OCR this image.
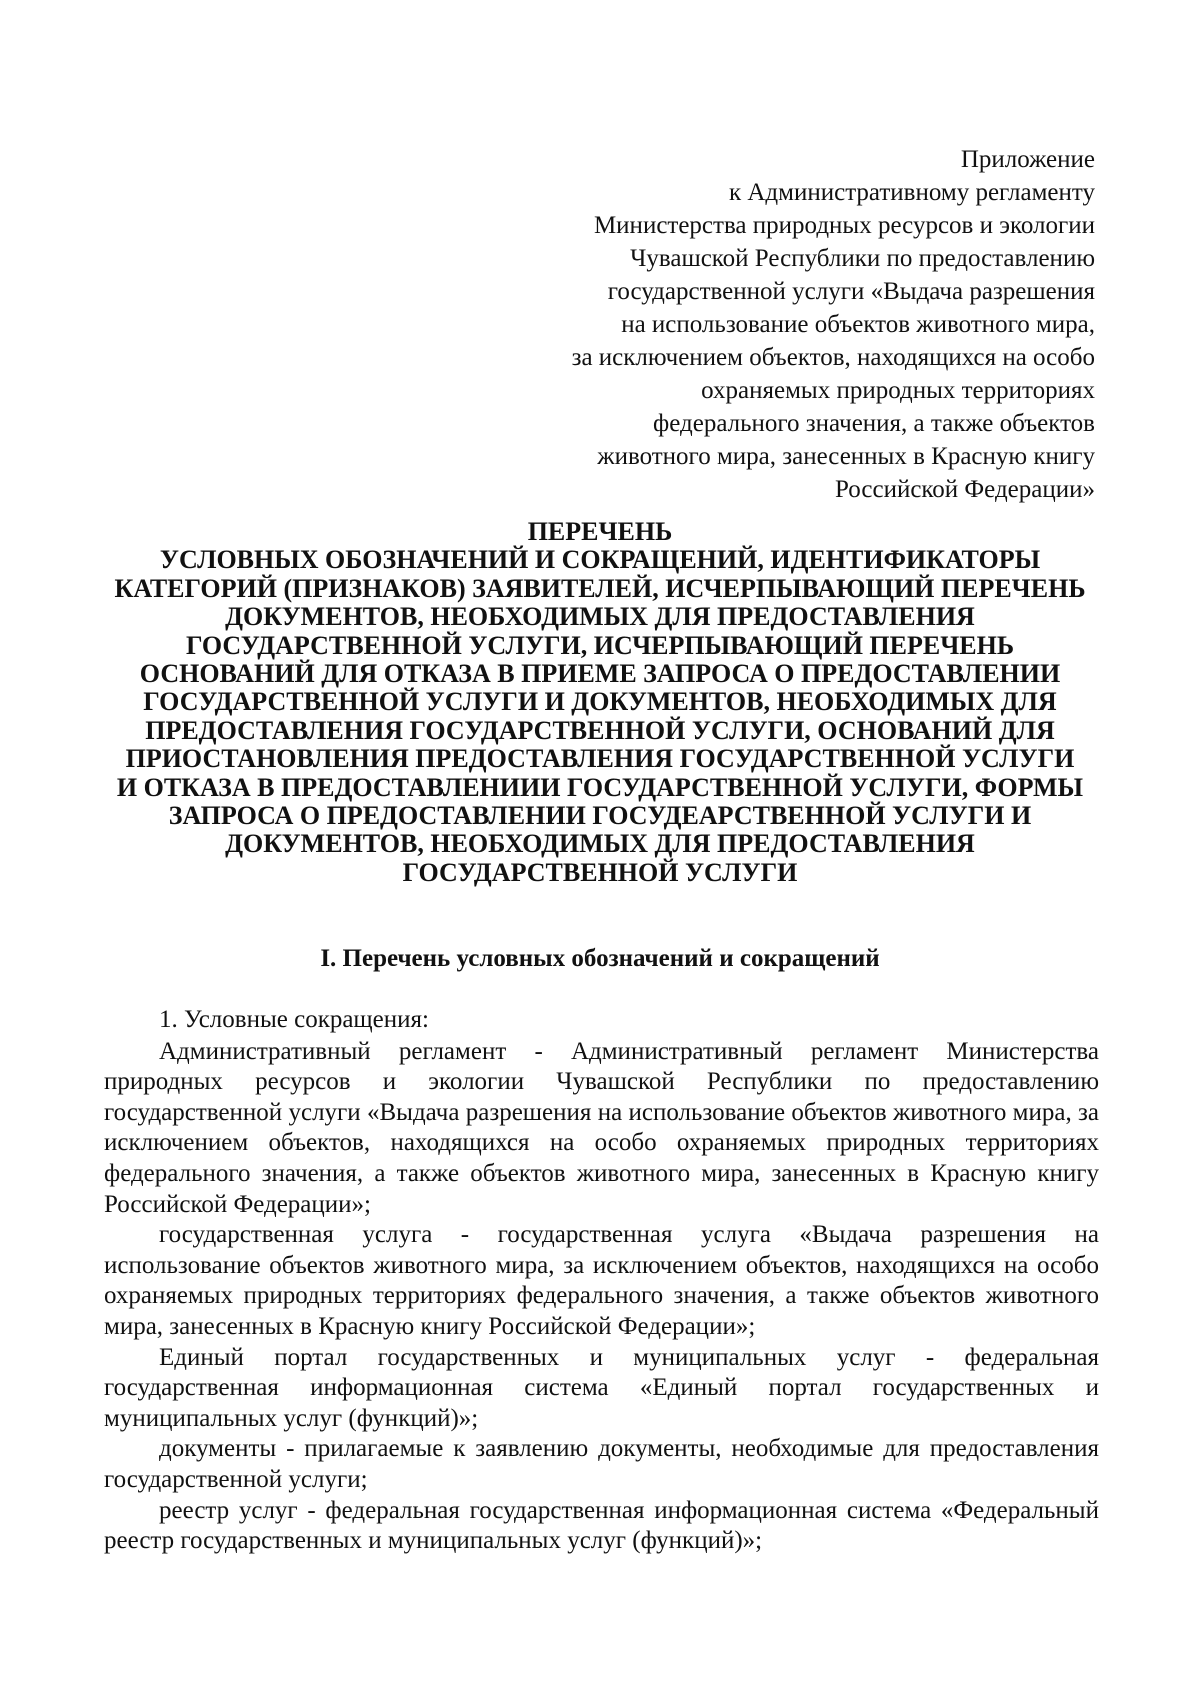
Приложение
к Административному регламенту
Министерства природных ресурсов и экологии
Чувашской Республики по предоставлению
государственной услуги «Выдача разрешения
на использование объектов животного мира,
за исключением объектов, находящихся на особо
охраняемых природных территориях
федерального значения, а также объектов
животного мира, занесенных в Красную книгу
Российской Федерации»
ПЕРЕЧЕНЬ
УСЛОВНЫХ ОБОЗНАЧЕНИЙ И СОКРАЩЕНИЙ, ИДЕНТИФИКАТОРЫ
КАТЕГОРИЙ (ПРИЗНАКОВ) ЗАЯВИТЕЛЕЙ, ИСЧЕРПЫВАЮЩИЙ ПЕРЕЧЕНЬ
ДОКУМЕНТОВ, НЕОБХОДИМЫХ ДЛЯ ПРЕДОСТАВЛЕНИЯ
ГОСУДАРСТВЕННОЙ УСЛУГИ, ИСЧЕРПЫВАЮЩИЙ ПЕРЕЧЕНЬ
ОСНОВАНИЙ ДЛЯ ОТКАЗА В ПРИЕМЕ ЗАПРОСА О ПРЕДОСТАВЛЕНИИ
ГОСУДАРСТВЕННОЙ УСЛУГИ И ДОКУМЕНТОВ, НЕОБХОДИМЫХ ДЛЯ
ПРЕДОСТАВЛЕНИЯ ГОСУДАРСТВЕННОЙ УСЛУГИ, ОСНОВАНИЙ ДЛЯ
ПРИОСТАНОВЛЕНИЯ ПРЕДОСТАВЛЕНИЯ ГОСУДАРСТВЕННОЙ УСЛУГИ
И ОТКАЗА В ПРЕДОСТАВЛЕНИИИ ГОСУДАРСТВЕННОЙ УСЛУГИ, ФОРМЫ
ЗАПРОСА О ПРЕДОСТАВЛЕНИИ ГОСУДЕАРСТВЕННОЙ УСЛУГИ И
ДОКУМЕНТОВ, НЕОБХОДИМЫХ ДЛЯ ПРЕДОСТАВЛЕНИЯ
ГОСУДАРСТВЕННОЙ УСЛУГИ
I. Перечень условных обозначений и сокращений

1. Условные сокращения:

Административный регламент - Административный регламент Министерства природных ресурсов и экологии Чувашской Республики по предоставлению государственной услуги «Выдача разрешения на использование объектов животного мира, за исключением объектов, находящихся на особо охраняемых природных территориях федерального значения, а также объектов животного мира, занесенных в Красную книгу Российской Федерации»;

государственная услуга - государственная услуга «Выдача разрешения на использование объектов животного мира, за исключением объектов, находящихся на особо охраняемых природных территориях федерального значения, а также объектов животного мира, занесенных в Красную книгу Российской Федерации»;

Единый портал государственных и муниципальных услуг - федеральная государственная информационная система «Единый портал государственных и муниципальных услуг (функций)»;

документы - прилагаемые к заявлению документы, необходимые для предоставления государственной услуги;

реестр услуг - федеральная государственная информационная система «Федеральный реестр государственных и муниципальных услуг (функций)»;
